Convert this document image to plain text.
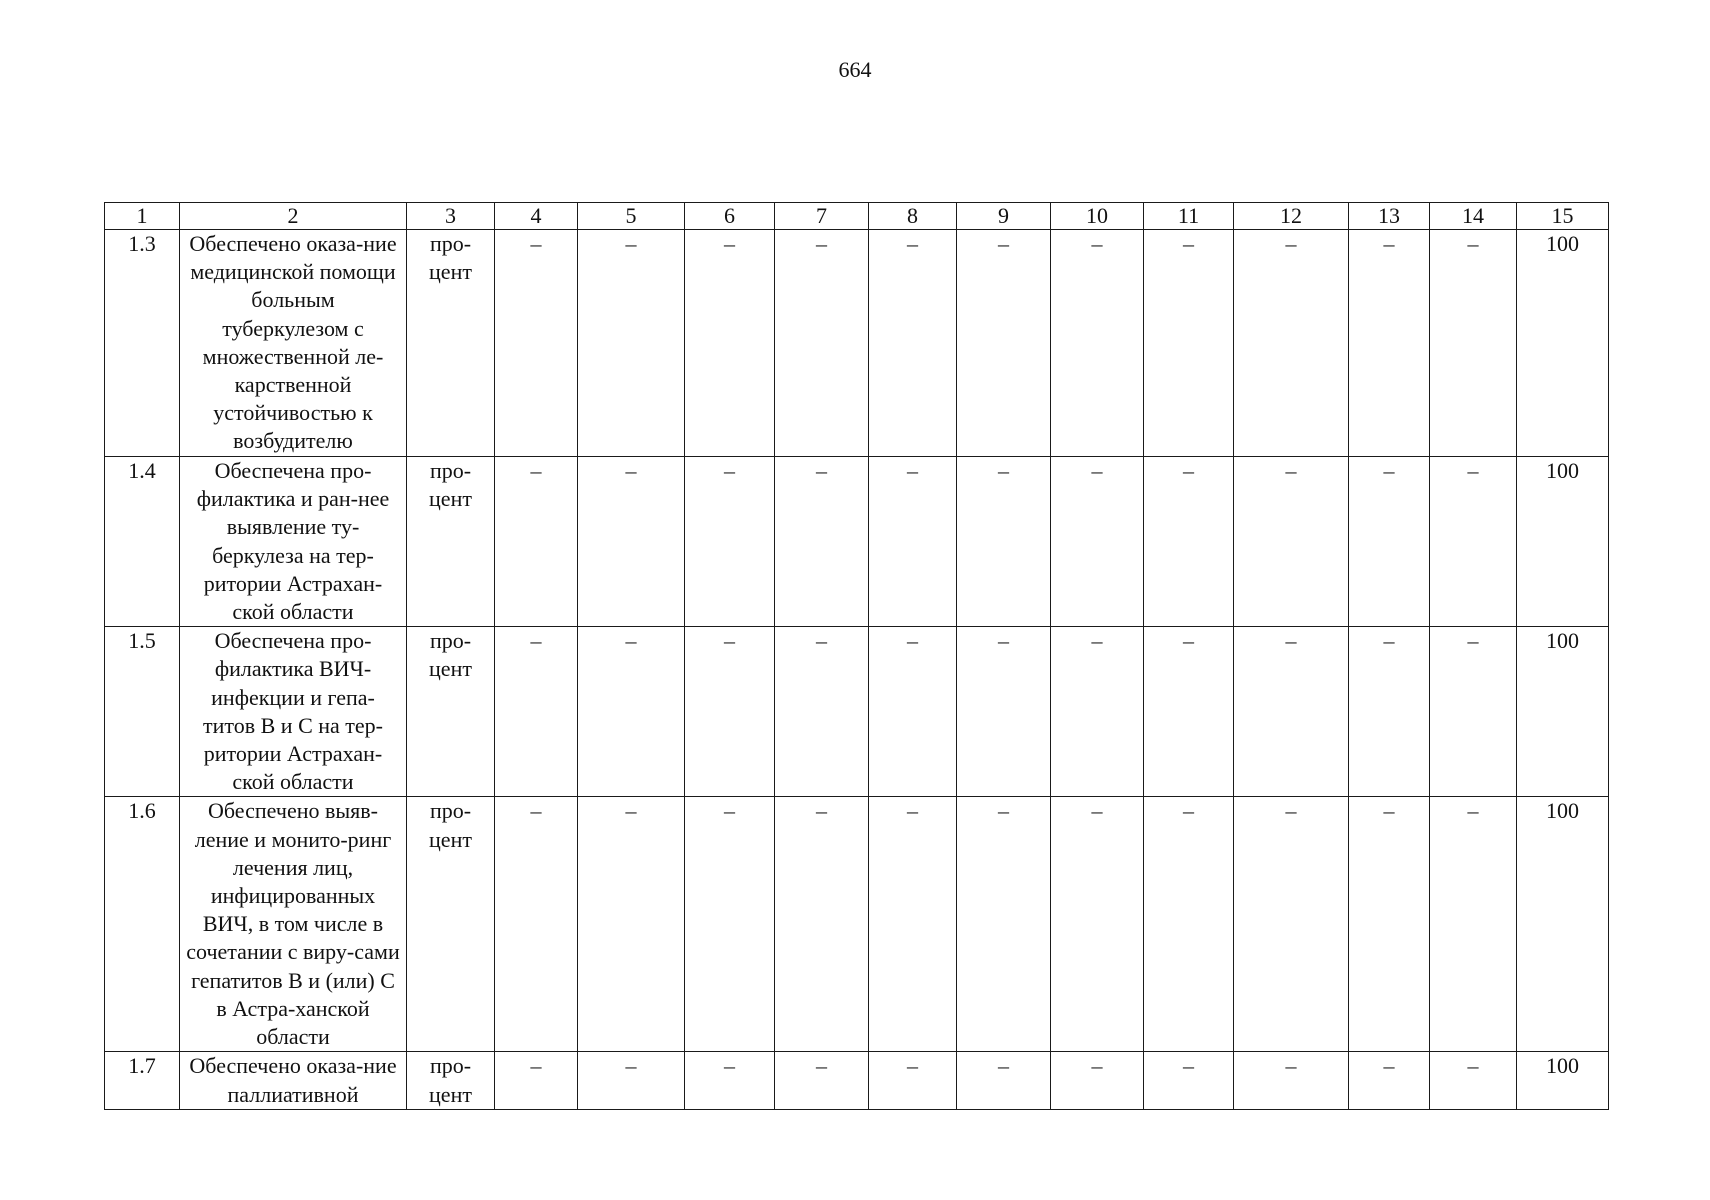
664
1	2	3	4	5	6	7	8	9	10	11	12	13	14	15
1.3	Обеспечено оказа-ние медицинской помощи больным туберкулезом с множественной ле-карственной устойчивостью к возбудителю	про-цент	–	–	–	–	–	–	–	–	–	–	–	100
1.4	Обеспечена про-филактика и ран-нее выявление ту-беркулеза на тер-ритории Астрахан-ской области	про-цент	–	–	–	–	–	–	–	–	–	–	–	100
1.5	Обеспечена про-филактика ВИЧ-инфекции и гепа-титов В и С на тер-ритории Астрахан-ской области	про-цент	–	–	–	–	–	–	–	–	–	–	–	100
1.6	Обеспечено выяв-ление и монито-ринг лечения лиц, инфицированных ВИЧ, в том числе в сочетании с виру-сами гепатитов В и (или) С в Астра-ханской области	про-цент	–	–	–	–	–	–	–	–	–	–	–	100
1.7	Обеспечено оказа-ние паллиативной	про-цент	–	–	–	–	–	–	–	–	–	–	–	100
